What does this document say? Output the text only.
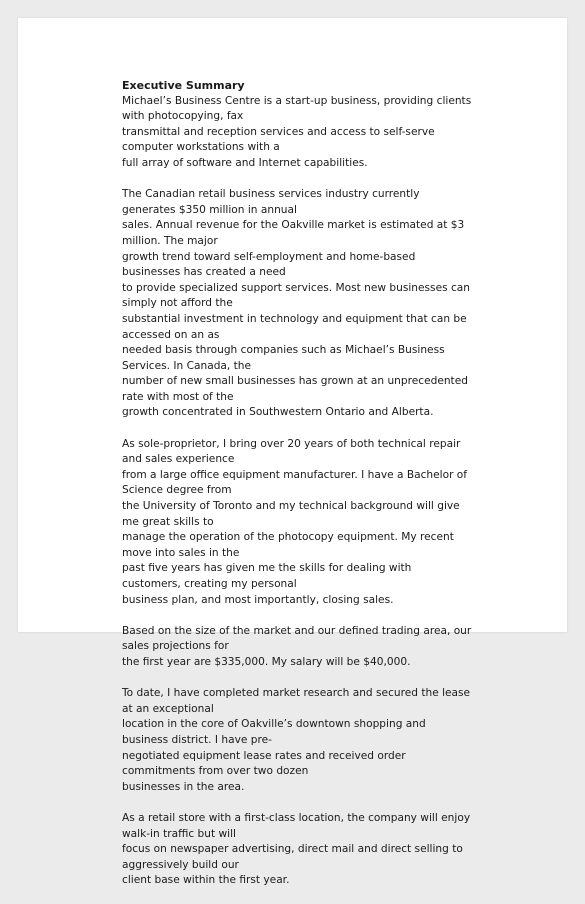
Executive Summary

Michael’s Business Centre is a start-up business, providing clients with photocopying, fax
transmittal and reception services and access to self-serve computer workstations with a
full array of software and Internet capabilities.

The Canadian retail business services industry currently generates $350 million in annual
sales. Annual revenue for the Oakville market is estimated at $3 million. The major
growth trend toward self-employment and home-based businesses has created a need
to provide specialized support services. Most new businesses can simply not afford the
substantial investment in technology and equipment that can be accessed on an as
needed basis through companies such as Michael’s Business Services. In Canada, the
number of new small businesses has grown at an unprecedented rate with most of the
growth concentrated in Southwestern Ontario and Alberta.

As sole-proprietor, I bring over 20 years of both technical repair and sales experience
from a large office equipment manufacturer. I have a Bachelor of Science degree from
the University of Toronto and my technical background will give me great skills to
manage the operation of the photocopy equipment. My recent move into sales in the
past five years has given me the skills for dealing with customers, creating my personal
business plan, and most importantly, closing sales.

Based on the size of the market and our defined trading area, our sales projections for
the first year are $335,000. My salary will be $40,000.

To date, I have completed market research and secured the lease at an exceptional
location in the core of Oakville’s downtown shopping and business district. I have pre-
negotiated equipment lease rates and received order commitments from over two dozen
businesses in the area.

As a retail store with a first-class location, the company will enjoy walk-in traffic but will
focus on newspaper advertising, direct mail and direct selling to aggressively build our
client base within the first year.
